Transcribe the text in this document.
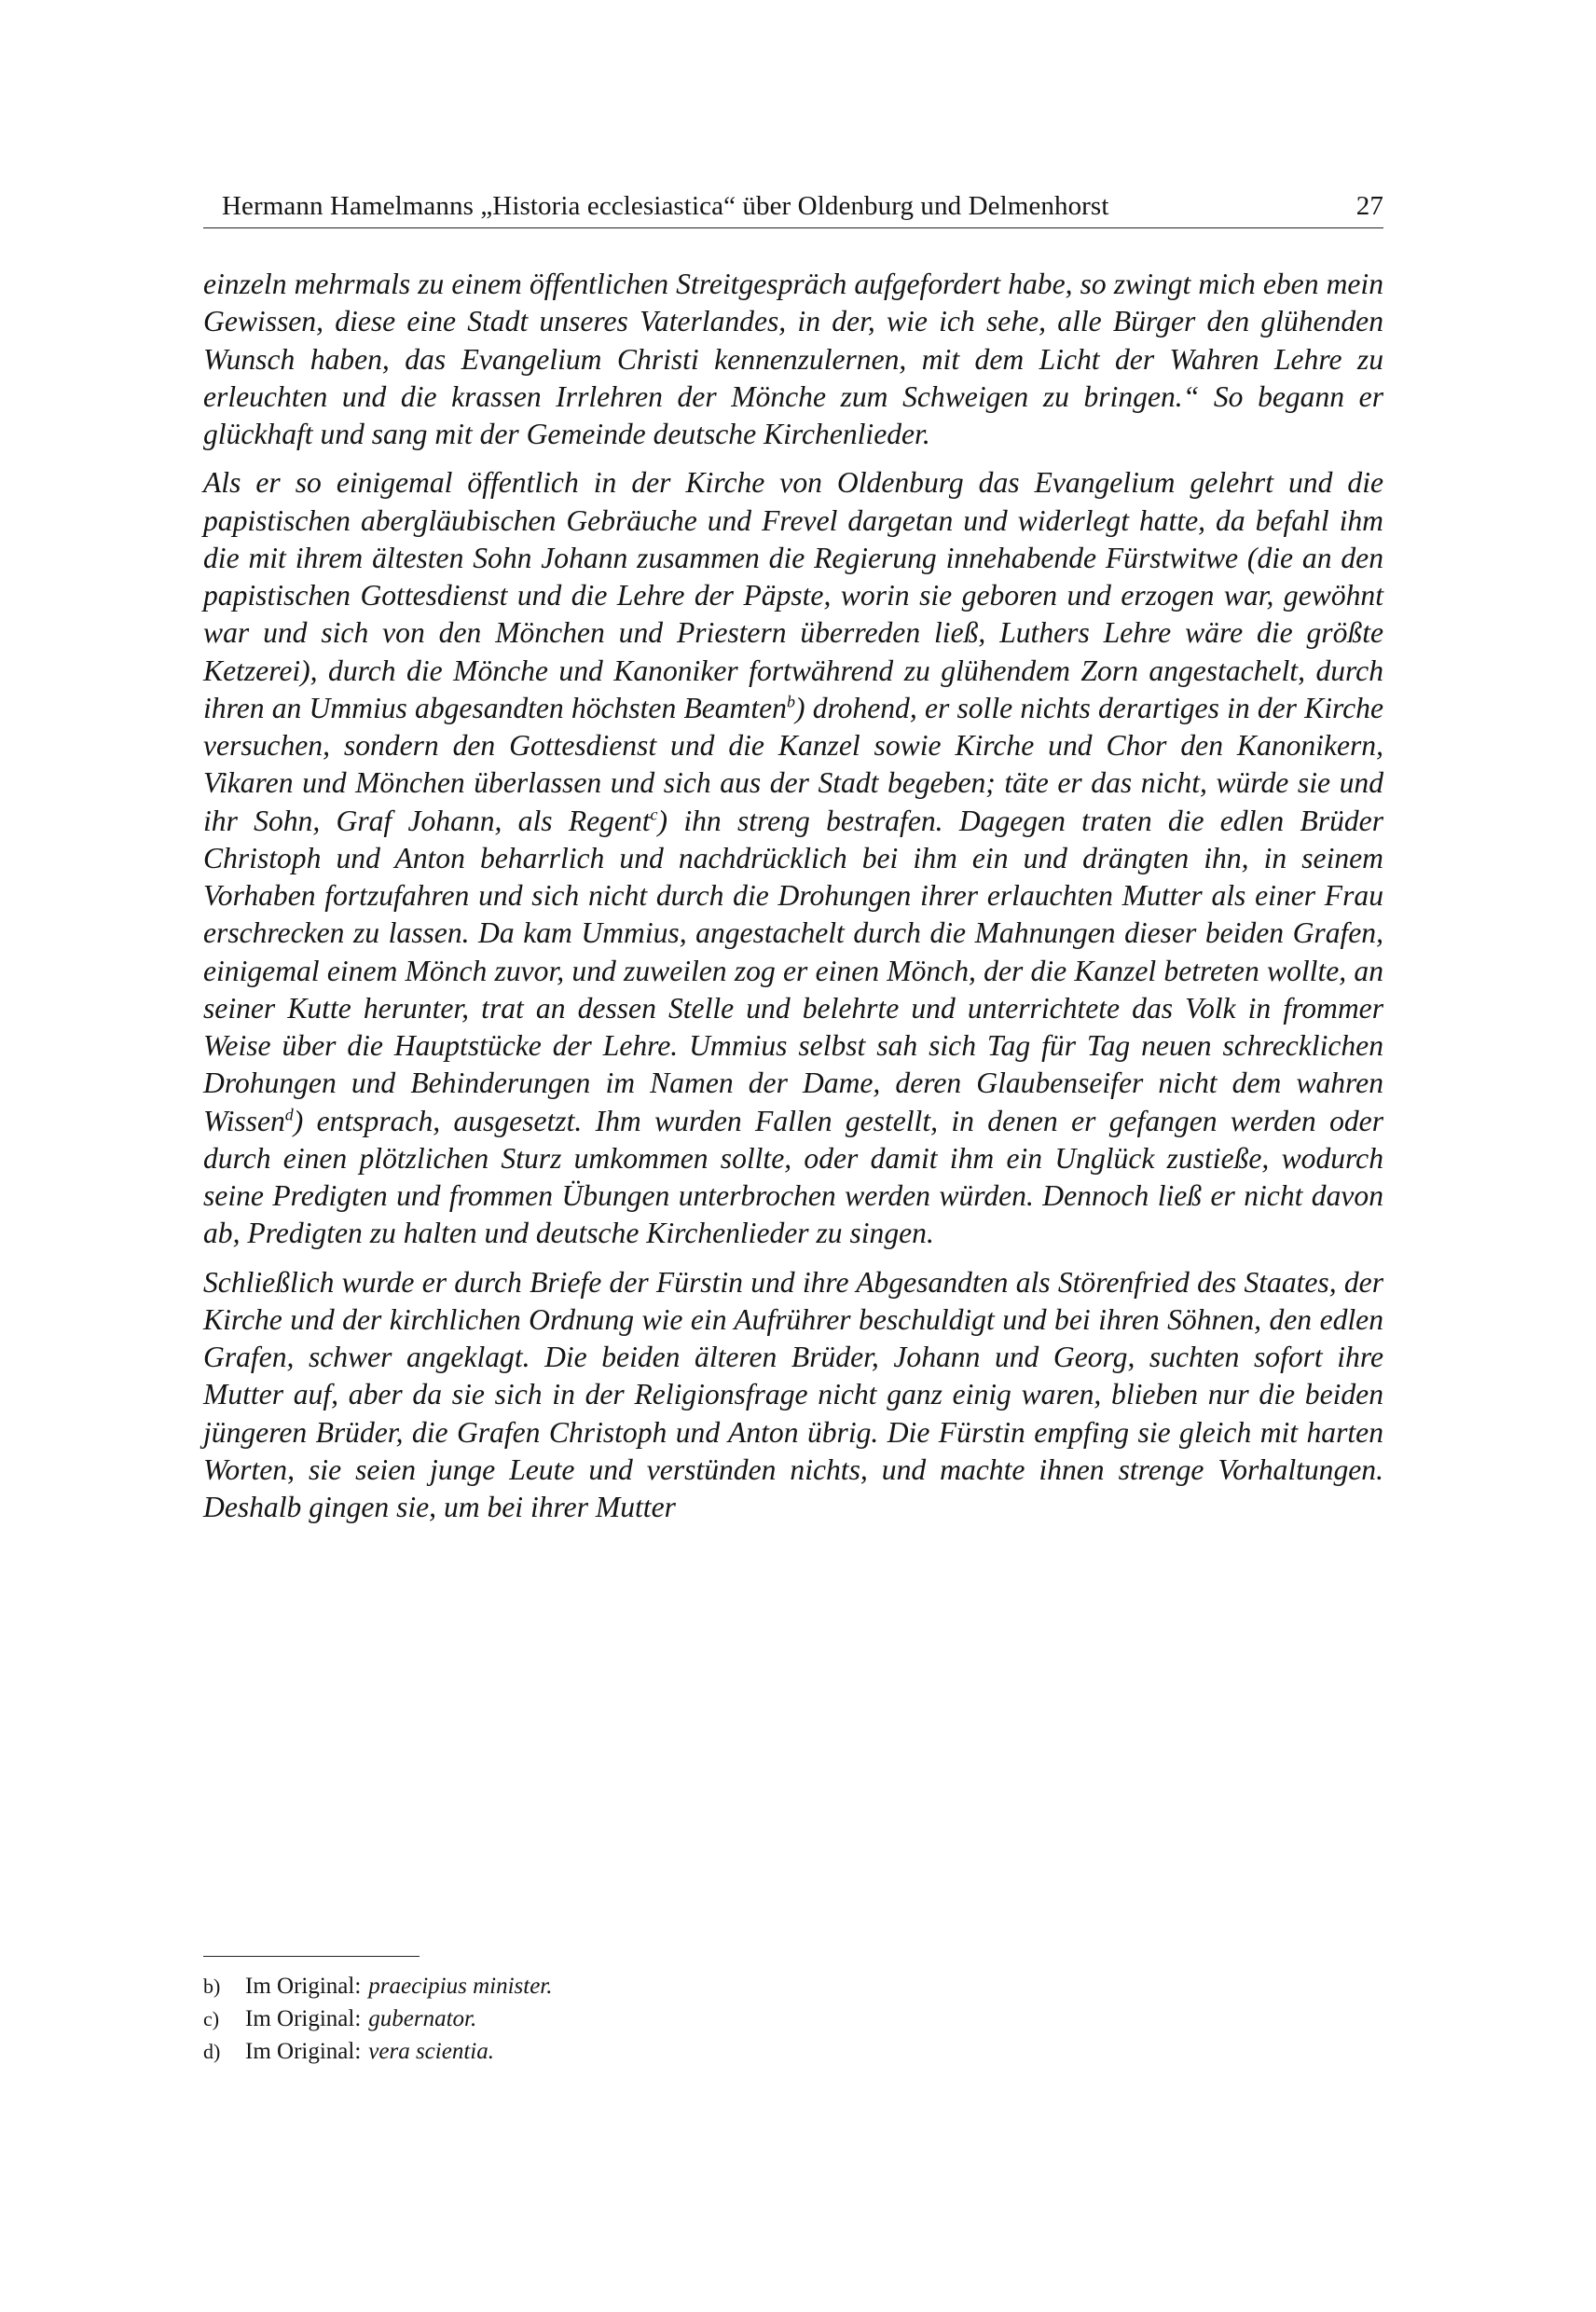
Hermann Hamelmanns „Historia ecclesiastica“ über Oldenburg und Delmenhorst	27

einzeln mehrmals zu einem öffentlichen Streitgespräch aufgefordert habe, so zwingt mich eben mein Gewissen, diese eine Stadt unseres Vaterlandes, in der, wie ich sehe, alle Bürger den glühenden Wunsch haben, das Evangelium Christi kennenzulernen, mit dem Licht der Wahren Lehre zu erleuchten und die krassen Irrlehren der Mönche zum Schweigen zu bringen.“ So begann er glückhaft und sang mit der Gemeinde deutsche Kirchenlieder.

Als er so einigemal öffentlich in der Kirche von Oldenburg das Evangelium gelehrt und die papistischen abergläubischen Gebräuche und Frevel dargetan und widerlegt hatte, da befahl ihm die mit ihrem ältesten Sohn Johann zusammen die Regierung innehabende Fürstwitwe (die an den papistischen Gottesdienst und die Lehre der Päpste, worin sie geboren und erzogen war, gewöhnt war und sich von den Mönchen und Priestern überreden ließ, Luthers Lehre wäre die größte Ketzerei), durch die Mönche und Kanoniker fortwährend zu glühendem Zorn angestachelt, durch ihren an Ummius abgesandten höchsten Beamten$^b$) drohend, er solle nichts derartiges in der Kirche versuchen, sondern den Gottesdienst und die Kanzel sowie Kirche und Chor den Kanonikern, Vikaren und Mönchen überlassen und sich aus der Stadt begeben; täte er das nicht, würde sie und ihr Sohn, Graf Johann, als Regent$^c$) ihn streng bestrafen. Dagegen traten die edlen Brüder Christoph und Anton beharrlich und nachdrücklich bei ihm ein und drängten ihn, in seinem Vorhaben fortzufahren und sich nicht durch die Drohungen ihrer erlauchten Mutter als einer Frau erschrecken zu lassen. Da kam Ummius, angestachelt durch die Mahnungen dieser beiden Grafen, einigemal einem Mönch zuvor, und zuweilen zog er einen Mönch, der die Kanzel betreten wollte, an seiner Kutte herunter, trat an dessen Stelle und belehrte und unterrichtete das Volk in frommer Weise über die Hauptstücke der Lehre. Ummius selbst sah sich Tag für Tag neuen schrecklichen Drohungen und Behinderungen im Namen der Dame, deren Glaubenseifer nicht dem wahren Wissen$^d$) entsprach, ausgesetzt. Ihm wurden Fallen gestellt, in denen er gefangen werden oder durch einen plötzlichen Sturz umkommen sollte, oder damit ihm ein Unglück zustieße, wodurch seine Predigten und frommen Übungen unterbrochen werden würden. Dennoch ließ er nicht davon ab, Predigten zu halten und deutsche Kirchenlieder zu singen.

Schließlich wurde er durch Briefe der Fürstin und ihre Abgesandten als Störenfried des Staates, der Kirche und der kirchlichen Ordnung wie ein Aufrührer beschuldigt und bei ihren Söhnen, den edlen Grafen, schwer angeklagt. Die beiden älteren Brüder, Johann und Georg, suchten sofort ihre Mutter auf, aber da sie sich in der Religionsfrage nicht ganz einig waren, blieben nur die beiden jüngeren Brüder, die Grafen Christoph und Anton übrig. Die Fürstin empfing sie gleich mit harten Worten, sie seien junge Leute und verstünden nichts, und machte ihnen strenge Vorhaltungen. Deshalb gingen sie, um bei ihrer Mutter

b)	Im Original: praecipius minister.
c)	Im Original: gubernator.
d)	Im Original: vera scientia.
